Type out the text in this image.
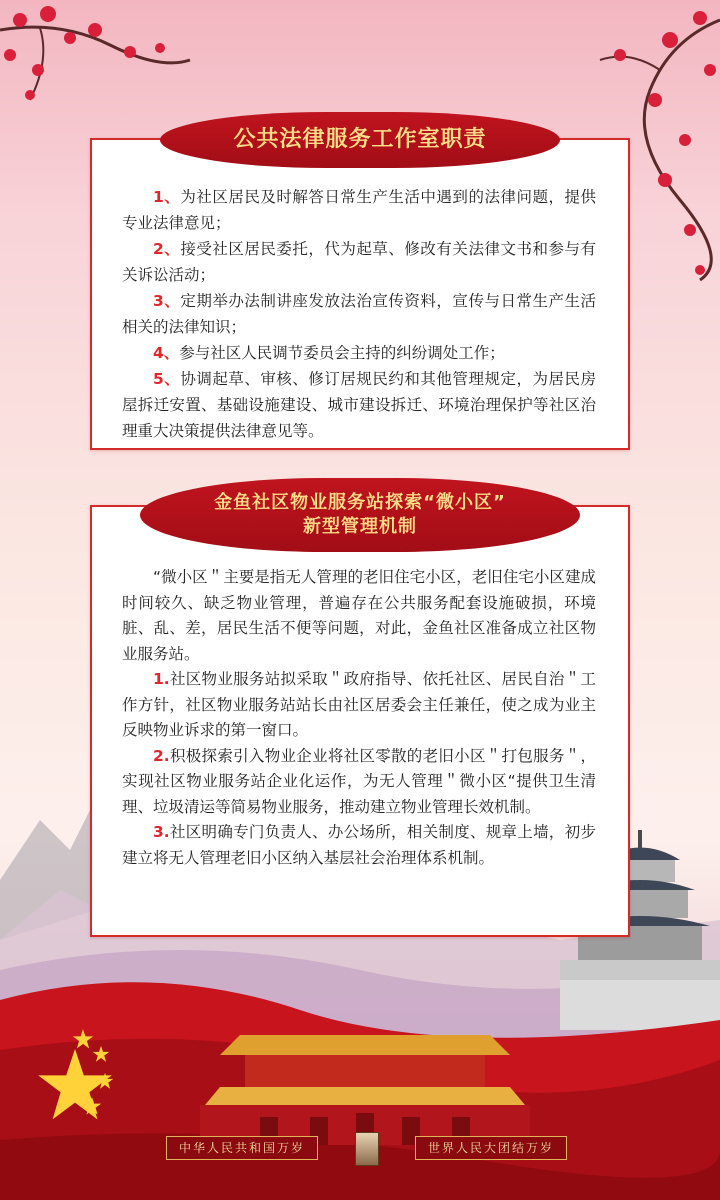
1、为社区居民及时解答日常生产生活中遇到的法律问题，提供专业法律意见；

2、接受社区居民委托，代为起草、修改有关法律文书和参与有关诉讼活动；

3、定期举办法制讲座发放法治宣传资料，宣传与日常生产生活相关的法律知识；

4、参与社区人民调节委员会主持的纠纷调处工作；

5、协调起草、审核、修订居规民约和其他管理规定，为居民房屋拆迁安置、基础设施建设、城市建设拆迁、环境治理保护等社区治理重大决策提供法律意见等。

公共法律服务工作室职责

“微小区＂主要是指无人管理的老旧住宅小区，老旧住宅小区建成时间较久、缺乏物业管理，普遍存在公共服务配套设施破损，环境脏、乱、差，居民生活不便等问题，对此，金鱼社区准备成立社区物业服务站。

1.社区物业服务站拟采取＂政府指导、依托社区、居民自治＂工作方针，社区物业服务站站长由社区居委会主任兼任，使之成为业主反映物业诉求的第一窗口。

2.积极探索引入物业企业将社区零散的老旧小区＂打包服务＂，实现社区物业服务站企业化运作，为无人管理＂微小区“提供卫生清理、垃圾清运等简易物业服务，推动建立物业管理长效机制。

3.社区明确专门负责人、办公场所，相关制度、规章上墙，初步建立将无人管理老旧小区纳入基层社会治理体系机制。

金鱼社区物业服务站探索“微小区”
新型管理机制
中华人民共和国万岁	世界人民大团结万岁
